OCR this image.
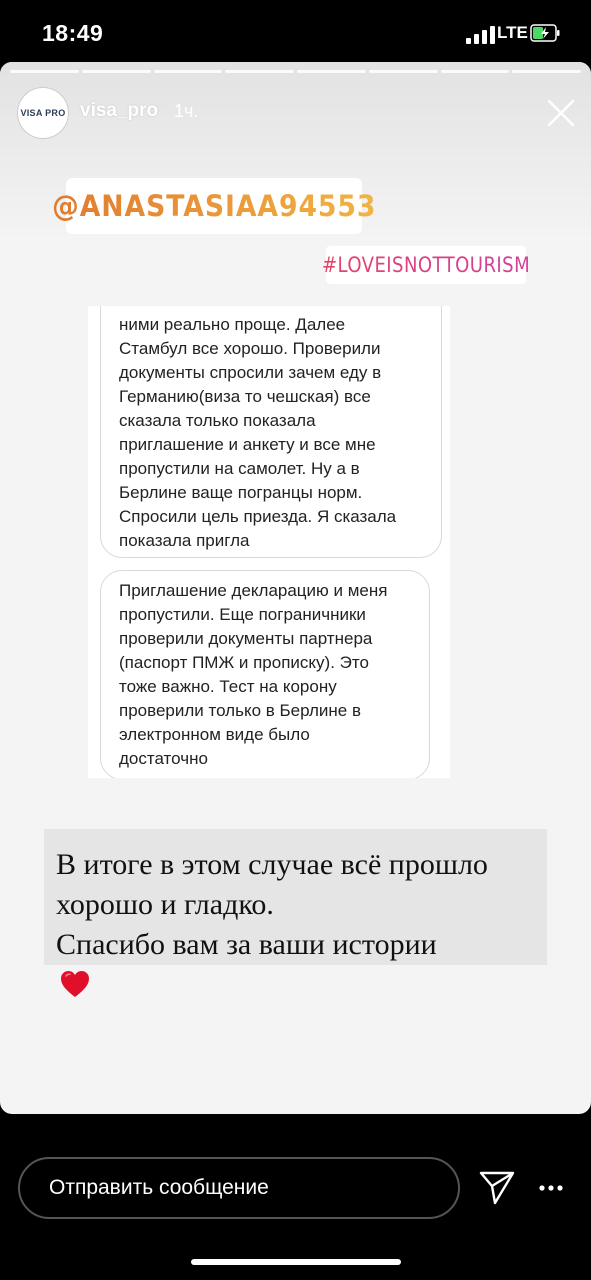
18:49	LTE
VISA PRO visa_pro 1ч.
@ANASTASIAA94553
#LOVEISNOTTOURISM
ними реально проще. Далее
Стамбул все хорошо. Проверили
документы спросили зачем еду в
Германию(виза то чешская) все
сказала только показала
приглашение и анкету и все мне
пропустили на самолет. Ну а в
Берлине ваще погранцы норм.
Спросили цель приезда. Я сказала
показала пригла
Приглашение декларацию и меня
пропустили. Еще пограничники
проверили документы партнера
(паспорт ПМЖ и прописку). Это
тоже важно. Тест на корону
проверили только в Берлине в
электронном виде было
достаточно
В итоге в этом случае всё прошло
хорошо и гладко.
Спасибо вам за ваши истории
Отправить сообщение
